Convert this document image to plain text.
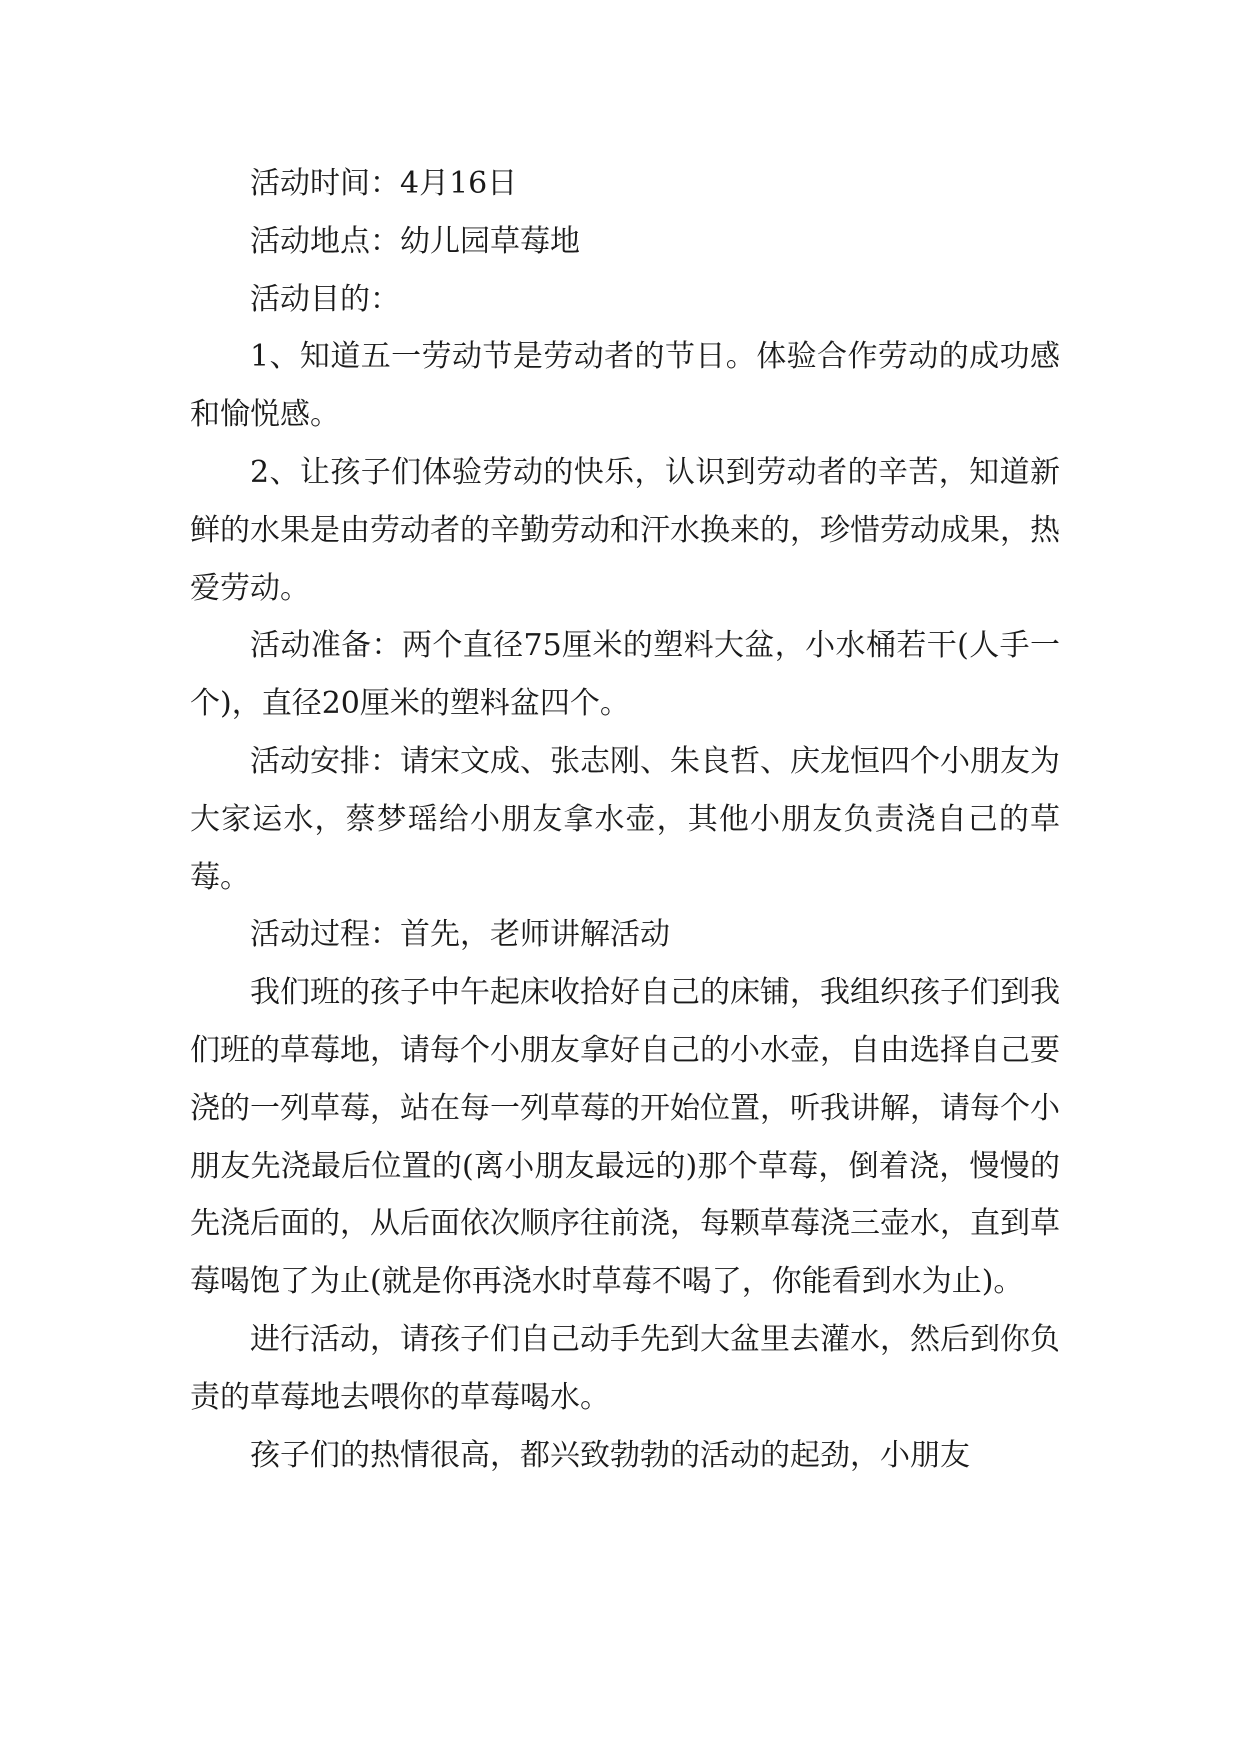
活动时间：4月16日

活动地点：幼儿园草莓地

活动目的：

1、知道五一劳动节是劳动者的节日。体验合作劳动的成功感和愉悦感。

2、让孩子们体验劳动的快乐，认识到劳动者的辛苦，知道新鲜的水果是由劳动者的辛勤劳动和汗水换来的，珍惜劳动成果，热爱劳动。

活动准备：两个直径75厘米的塑料大盆，小水桶若干(人手一个)，直径20厘米的塑料盆四个。

活动安排：请宋文成、张志刚、朱良哲、庆龙恒四个小朋友为大家运水，蔡梦瑶给小朋友拿水壶，其他小朋友负责浇自己的草莓。

活动过程：首先，老师讲解活动

我们班的孩子中午起床收拾好自己的床铺，我组织孩子们到我们班的草莓地，请每个小朋友拿好自己的小水壶，自由选择自己要浇的一列草莓，站在每一列草莓的开始位置，听我讲解，请每个小朋友先浇最后位置的(离小朋友最远的)那个草莓，倒着浇，慢慢的先浇后面的，从后面依次顺序往前浇，每颗草莓浇三壶水，直到草莓喝饱了为止(就是你再浇水时草莓不喝了，你能看到水为止)。

进行活动，请孩子们自己动手先到大盆里去灌水，然后到你负责的草莓地去喂你的草莓喝水。

孩子们的热情很高，都兴致勃勃的活动的起劲，小朋友
